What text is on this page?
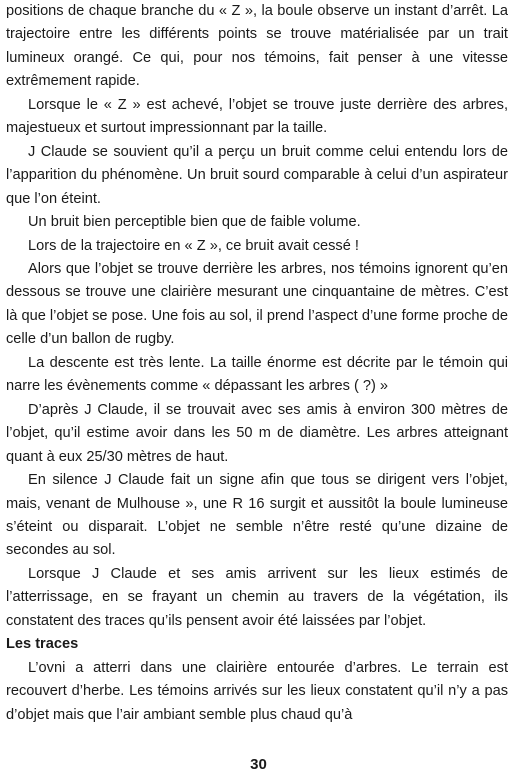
positions de chaque branche du « Z », la boule observe un instant d’arrêt. La trajectoire entre les différents points se trouve matérialisée par un trait lumineux orangé. Ce qui, pour nos témoins, fait penser à une vitesse extrêmement rapide.

Lorsque le « Z » est achevé, l’objet se trouve juste derrière des arbres, majestueux et surtout impressionnant par la taille.

J Claude se souvient qu’il a perçu un bruit comme celui entendu lors de l’apparition du phénomène. Un bruit sourd comparable à celui d’un aspirateur que l’on éteint.

Un bruit bien perceptible bien que de faible volume.

Lors de la trajectoire en « Z », ce bruit avait cessé !

Alors que l’objet se trouve derrière les arbres, nos témoins ignorent qu’en dessous se trouve une clairière mesurant une cinquantaine de mètres. C’est là que l’objet se pose. Une fois au sol, il prend l’aspect d’une forme proche de celle d’un ballon de rugby.

La descente est très lente. La taille énorme est décrite par le témoin qui narre les évènements comme « dépassant les arbres ( ?) »

D’après J Claude, il se trouvait avec ses amis à environ 300 mètres de l’objet, qu’il estime avoir dans les 50 m de diamètre. Les arbres atteignant quant à eux 25/30 mètres de haut.

En silence J Claude fait un signe afin que tous se dirigent vers l’objet, mais, venant de Mulhouse », une R 16 surgit et aussitôt la boule lumineuse s’éteint ou disparait. L’objet ne semble n’être resté qu’une dizaine de secondes au sol.

Lorsque J Claude et ses amis arrivent sur les lieux estimés de l’atterrissage, en se frayant un chemin au travers de la végétation, ils constatent des traces qu’ils pensent avoir été laissées par l’objet.

Les traces

L’ovni a atterri dans une clairière entourée d’arbres. Le terrain est recouvert d’herbe. Les témoins arrivés sur les lieux constatent qu’il n’y a pas d’objet mais que l’air ambiant semble plus chaud qu’à

30
